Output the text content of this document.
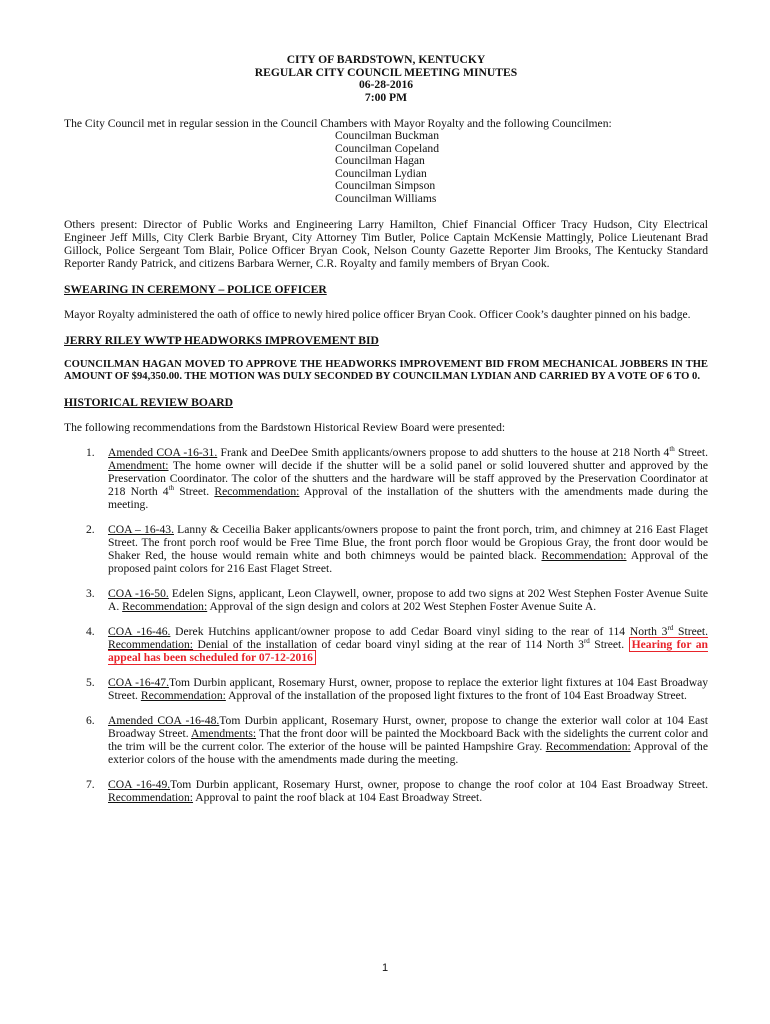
CITY OF BARDSTOWN, KENTUCKY
REGULAR CITY COUNCIL MEETING MINUTES
06-28-2016
7:00 PM

The City Council met in regular session in the Council Chambers with Mayor Royalty and the following Councilmen:

Councilman Buckman
Councilman Copeland
Councilman Hagan
Councilman Lydian
Councilman Simpson
Councilman Williams

Others present: Director of Public Works and Engineering Larry Hamilton, Chief Financial Officer Tracy Hudson, City Electrical Engineer Jeff Mills, City Clerk Barbie Bryant, City Attorney Tim Butler, Police Captain McKensie Mattingly, Police Lieutenant Brad Gillock, Police Sergeant Tom Blair, Police Officer Bryan Cook, Nelson County Gazette Reporter Jim Brooks, The Kentucky Standard Reporter Randy Patrick, and citizens Barbara Werner, C.R. Royalty and family members of Bryan Cook.

SWEARING IN CEREMONY – POLICE OFFICER

Mayor Royalty administered the oath of office to newly hired police officer Bryan Cook. Officer Cook’s daughter pinned on his badge.

JERRY RILEY WWTP HEADWORKS IMPROVEMENT BID

COUNCILMAN HAGAN MOVED TO APPROVE THE HEADWORKS IMPROVEMENT BID FROM MECHANICAL JOBBERS IN THE AMOUNT OF $94,350.00. THE MOTION WAS DULY SECONDED BY COUNCILMAN LYDIAN AND CARRIED BY A VOTE OF 6 TO 0.

HISTORICAL REVIEW BOARD

The following recommendations from the Bardstown Historical Review Board were presented:

1. Amended COA -16-31. Frank and DeeDee Smith applicants/owners propose to add shutters to the house at 218 North 4th Street. Amendment: The home owner will decide if the shutter will be a solid panel or solid louvered shutter and approved by the Preservation Coordinator. The color of the shutters and the hardware will be staff approved by the Preservation Coordinator at 218 North 4th Street. Recommendation: Approval of the installation of the shutters with the amendments made during the meeting.
2. COA – 16-43. Lanny & Ceceilia Baker applicants/owners propose to paint the front porch, trim, and chimney at 216 East Flaget Street. The front porch roof would be Free Time Blue, the front porch floor would be Gropious Gray, the front door would be Shaker Red, the house would remain white and both chimneys would be painted black. Recommendation: Approval of the proposed paint colors for 216 East Flaget Street.
3. COA -16-50. Edelen Signs, applicant, Leon Claywell, owner, propose to add two signs at 202 West Stephen Foster Avenue Suite A. Recommendation: Approval of the sign design and colors at 202 West Stephen Foster Avenue Suite A.
4. COA -16-46. Derek Hutchins applicant/owner propose to add Cedar Board vinyl siding to the rear of 114 North 3rd Street. Recommendation: Denial of the installation of cedar board vinyl siding at the rear of 114 North 3rd Street. Hearing for an appeal has been scheduled for 07-12-2016
5. COA -16-47.Tom Durbin applicant, Rosemary Hurst, owner, propose to replace the exterior light fixtures at 104 East Broadway Street. Recommendation: Approval of the installation of the proposed light fixtures to the front of 104 East Broadway Street.
6. Amended COA -16-48.Tom Durbin applicant, Rosemary Hurst, owner, propose to change the exterior wall color at 104 East Broadway Street. Amendments: That the front door will be painted the Mockboard Back with the sidelights the current color and the trim will be the current color. The exterior of the house will be painted Hampshire Gray. Recommendation: Approval of the exterior colors of the house with the amendments made during the meeting.
7. COA -16-49.Tom Durbin applicant, Rosemary Hurst, owner, propose to change the roof color at 104 East Broadway Street. Recommendation: Approval to paint the roof black at 104 East Broadway Street.
1
